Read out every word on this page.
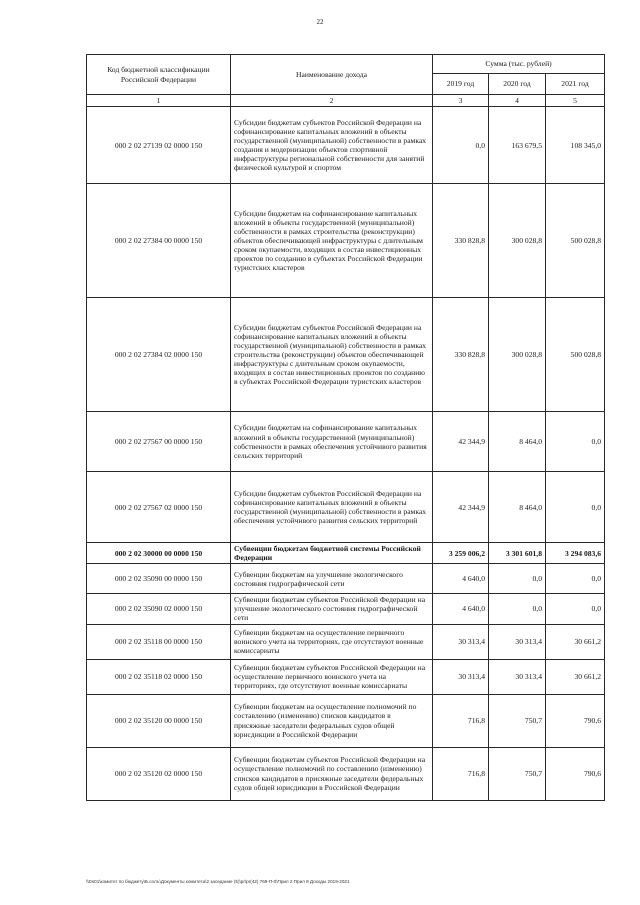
22
Код бюджетной классификации Российской Федерации	Наименование дохода	Сумма (тыс. рублей)		
		2019 год	2020 год	2021 год
1	2	3	4	5
000 2 02 27139 02 0000 150	Субсидии бюджетам субъектов Российской Федерации на софинансирование капитальных вложений в объекты государственной (муниципальной) собственности в рамках создания и модернизации объектов спортивной инфраструктуры региональной собственности для занятий физической культурой и спортом	0,0	163 679,5	108 345,0
000 2 02 27384 00 0000 150	Субсидии бюджетам на софинансирование капитальных вложений в объекты государственной (муниципальной) собственности в рамках строительства (реконструкции) объектов обеспечивающей инфраструктуры с длительным сроком окупаемости, входящих в состав инвестиционных проектов по созданию в субъектах Российской Федерации туристских кластеров	330 828,8	300 028,8	500 028,8
000 2 02 27384 02 0000 150	Субсидии бюджетам субъектов Российской Федерации на софинансирование капитальных вложений в объекты государственной (муниципальной) собственности в рамках строительства (реконструкции) объектов обеспечивающей инфраструктуры с длительным сроком окупаемости, входящих в состав инвестиционных проектов по созданию в субъектах Российской Федерации туристских кластеров	330 828,8	300 028,8	500 028,8
000 2 02 27567 00 0000 150	Субсидии бюджетам на софинансирование капитальных вложений в объекты государственной (муниципальной) собственности в рамках обеспечения устойчивого развития сельских территорий	42 344,9	8 464,0	0,0
000 2 02 27567 02 0000 150	Субсидии бюджетам субъектов Российской Федерации на софинансирование капитальных вложений в объекты государственной (муниципальной) собственности в рамках обеспечения устойчивого развития сельских территорий	42 344,9	8 464,0	0,0
000 2 02 30000 00 0000 150	Субвенции бюджетам бюджетной системы Российской Федерации	3 259 006,2	3 301 601,8	3 294 083,6
000 2 02 35090 00 0000 150	Субвенции бюджетам на улучшение экологического состояния гидрографической сети	4 640,0	0,0	0,0
000 2 02 35090 02 0000 150	Субвенции бюджетам субъектов Российской Федерации на улучшение экологического состояния гидрографической сети	4 640,0	0,0	0,0
000 2 02 35118 00 0000 150	Субвенции бюджетам на осуществление первичного воинского учета на территориях, где отсутствуют военные комиссариаты	30 313,4	30 313,4	30 661,2
000 2 02 35118 02 0000 150	Субвенции бюджетам субъектов Российской Федерации на осуществление первичного воинского учета на территориях, где отсутствуют военные комиссариаты	30 313,4	30 313,4	30 661,2
000 2 02 35120 00 0000 150	Субвенции бюджетам на осуществление полномочий по составлению (изменению) списков кандидатов в присяжные заседатели федеральных судов общей юрисдикции в Российской Федерации	716,8	750,7	790,6
000 2 02 35120 02 0000 150	Субвенции бюджетам субъектов Российской Федерации на осуществление полномочий по составлению (изменению) списков кандидатов в присяжные заседатели федеральных судов общей юрисдикции в Российской Федерации	716,8	750,7	790,6
\\Ds01\комитет по бюджету\Б.солъ\Документы комитета\2 заседание (5)\pr\pr(42) 769-П-0\Прил 2 Прил 9 Доходы 2019-2021
